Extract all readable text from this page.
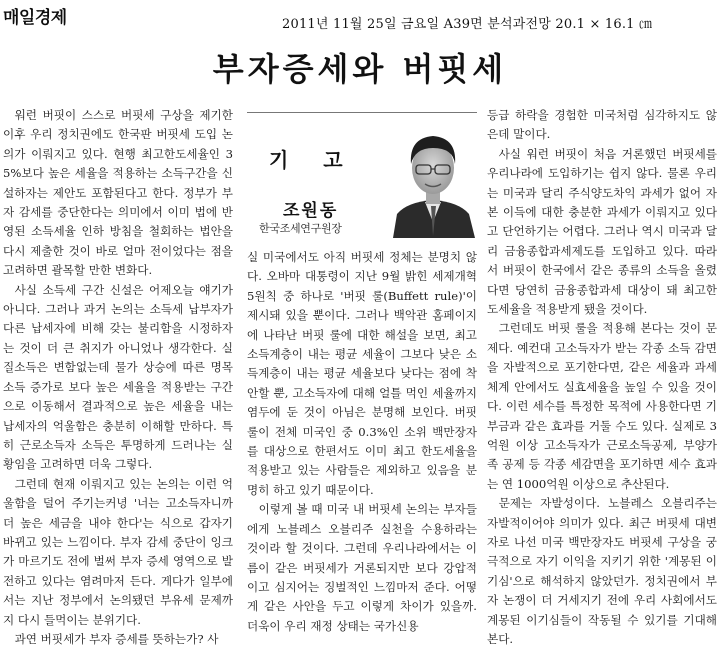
매일경제	2011년 11월 25일 금요일 A39면 분석과전망 20.1 × 16.1 ㎝
부자증세와 버핏세

워런 버핏이 스스로 버핏세 구상을 제기한 이후 우리 정치권에도 한국판 버핏세 도입 논의가 이뤄지고 있다. 현행 최고한도세율인 35%보다 높은 세율을 적용하는 소득구간을 신설하자는 제안도 포함된다고 한다. 정부가 부자 감세를 중단한다는 의미에서 이미 법에 반영된 소득세율 인하 방침을 철회하는 법안을 다시 제출한 것이 바로 얼마 전이었다는 점을 고려하면 괄목할 만한 변화다.

사실 소득세 구간 신설은 어제오늘 얘기가 아니다. 그러나 과거 논의는 소득세 납부자가 다른 납세자에 비해 갖는 불리함을 시정하자는 것이 더 큰 취지가 아니었나 생각한다. 실질소득은 변함없는데 물가 상승에 따른 명목소득 증가로 보다 높은 세율을 적용받는 구간으로 이동해서 결과적으로 높은 세율을 내는 납세자의 억울함은 충분히 이해할 만하다. 특히 근로소득자 소득은 투명하게 드러나는 실황임을 고려하면 더욱 그렇다.

그런데 현재 이뤄지고 있는 논의는 이런 억울함을 덜어 주기는커녕 '너는 고소득자니까 더 높은 세금을 내야 한다'는 식으로 갑자기 바뀌고 있는 느낌이다. 부자 감세 중단이 잉크가 마르기도 전에 벌써 부자 증세 영역으로 발전하고 있다는 염려마저 든다. 게다가 일부에서는 지난 정부에서 논의됐던 부유세 문제까지 다시 들먹이는 분위기다.

과연 버핏세가 부자 증세를 뜻하는가? 사

기 고
조원동
한국조세연구원장

실 미국에서도 아직 버핏세 정체는 분명치 않다. 오바마 대통령이 지난 9월 밝힌 세제개혁 5원칙 중 하나로 '버핏 룰(Buffett rule)'이 제시돼 있을 뿐이다. 그러나 백악관 홈페이지에 나타난 버핏 룰에 대한 해설을 보면, 최고 소득계층이 내는 평균 세율이 그보다 낮은 소득계층이 내는 평균 세율보다 낮다는 점에 착안할 뿐, 고소득자에 대해 얼틀 먹인 세율까지 염두에 둔 것이 아님은 분명해 보인다. 버핏 룰이 전체 미국인 중 0.3%인 소위 백만장자를 대상으로 한편서도 이미 최고 한도세율을 적용받고 있는 사람들은 제외하고 있음을 분명히 하고 있기 때문이다.

이렇게 볼 때 미국 내 버핏세 논의는 부자들에게 노블레스 오블리주 실천을 수용하라는 것이라 할 것이다. 그런데 우리나라에서는 이름이 같은 버핏세가 거론되지만 보다 강압적이고 심지어는 징벌적인 느낌마저 준다. 어떻게 같은 사안을 두고 이렇게 차이가 있을까. 더욱이 우리 재정 상태는 국가신용

등급 하락을 경험한 미국처럼 심각하지도 않은데 말이다.

사실 워런 버핏이 처음 거론했던 버핏세를 우리나라에 도입하기는 쉽지 않다. 물론 우리는 미국과 달리 주식양도차익 과세가 없어 자본 이득에 대한 충분한 과세가 이뤄지고 있다고 단언하기는 어렵다. 그러나 역시 미국과 달리 금융종합과세제도를 도입하고 있다. 따라서 버핏이 한국에서 같은 종류의 소득을 올렸다면 당연히 금융종합과세 대상이 돼 최고한도세율을 적용받게 됐을 것이다.

그런데도 버핏 룰을 적용해 본다는 것이 문제다. 예컨대 고소득자가 받는 각종 소득 감면을 자발적으로 포기한다면, 같은 세율과 과세 체계 안에서도 실효세율을 높일 수 있을 것이다. 이런 세수를 특정한 목적에 사용한다면 기부금과 같은 효과를 거둘 수도 있다. 실제로 3억원 이상 고소득자가 근로소득공제, 부양가족 공제 등 각종 세감면을 포기하면 세수 효과는 연 1000억원 이상으로 추산된다.

문제는 자발성이다. 노블레스 오블리주는 자발적이어야 의미가 있다. 최근 버핏세 대변자로 나선 미국 백만장자도 버핏세 구상을 궁극적으로 자기 이익을 지키기 위한 '계몽된 이기심'으로 해석하지 않았던가. 정치권에서 부자 논쟁이 더 거세지기 전에 우리 사회에서도 계몽된 이기심들이 작동될 수 있기를 기대해 본다.
